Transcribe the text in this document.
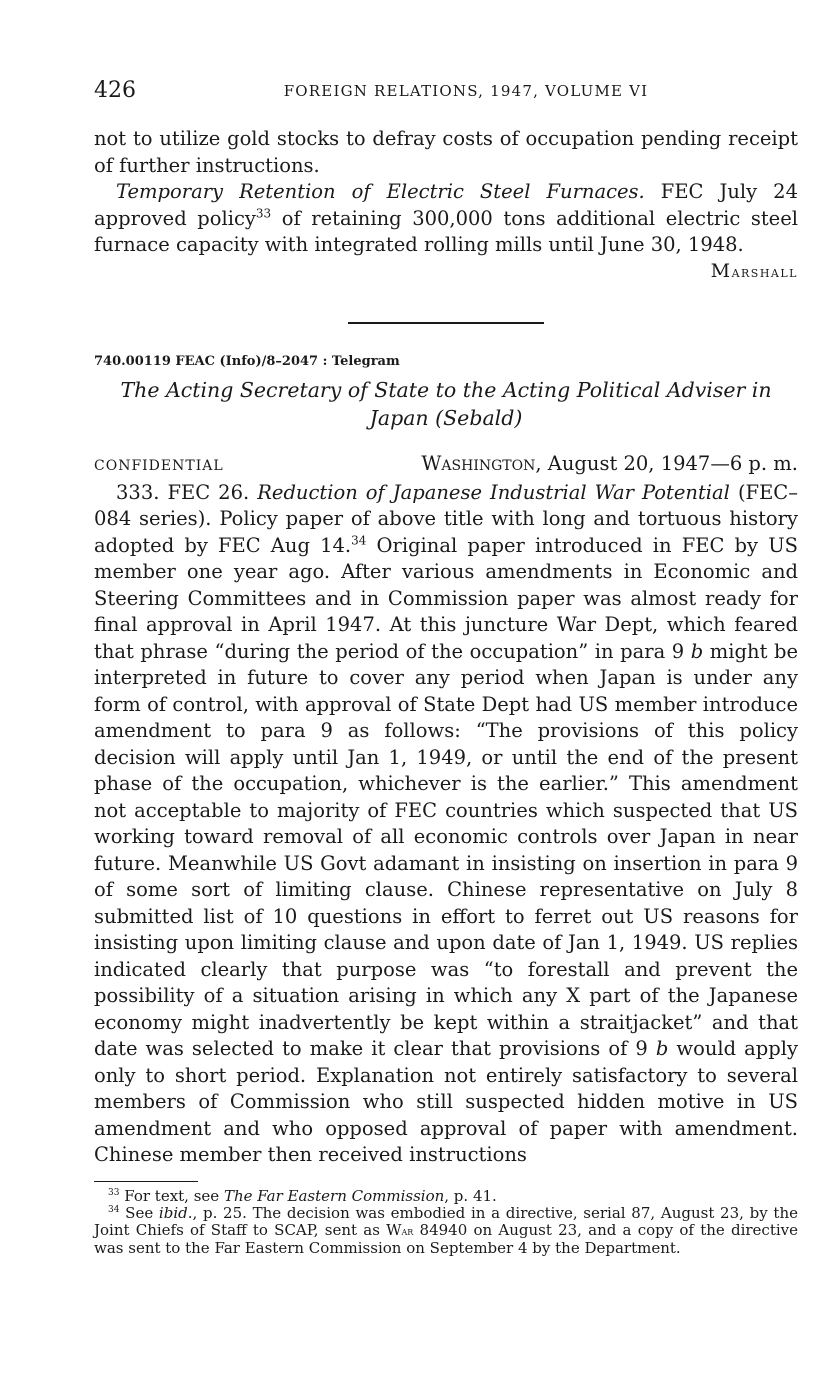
426	FOREIGN RELATIONS, 1947, VOLUME VI

not to utilize gold stocks to defray costs of occupation pending receipt of further instructions.

Temporary Retention of Electric Steel Furnaces. FEC July 24 approved policy$^{33}$ of retaining 300,000 tons additional electric steel furnace capacity with integrated rolling mills until June 30, 1948.

Marshall
740.00119 FEAC (Info)/8–2047 : Telegram
The Acting Secretary of State to the Acting Political Adviser in Japan (Sebald)
CONFIDENTIAL	Washington, August 20, 1947—6 p. m.

333. FEC 26. Reduction of Japanese Industrial War Potential (FEC–084 series). Policy paper of above title with long and tortuous history adopted by FEC Aug 14.34 Original paper introduced in FEC by US member one year ago. After various amendments in Economic and Steering Committees and in Commission paper was almost ready for final approval in April 1947. At this juncture War Dept, which feared that phrase “during the period of the occupation” in para 9 b might be interpreted in future to cover any period when Japan is under any form of control, with approval of State Dept had US member introduce amendment to para 9 as follows: “The provisions of this policy decision will apply until Jan 1, 1949, or until the end of the present phase of the occupation, whichever is the earlier.” This amendment not acceptable to majority of FEC countries which suspected that US working toward removal of all economic controls over Japan in near future. Meanwhile US Govt adamant in insisting on insertion in para 9 of some sort of limiting clause. Chinese representative on July 8 submitted list of 10 questions in effort to ferret out US reasons for insisting upon limiting clause and upon date of Jan 1, 1949. US replies indicated clearly that purpose was “to forestall and prevent the possibility of a situation arising in which any X part of the Japanese economy might inadvertently be kept within a straitjacket” and that date was selected to make it clear that provisions of 9 b would apply only to short period. Explanation not entirely satisfactory to several members of Commission who still suspected hidden motive in US amendment and who opposed approval of paper with amendment. Chinese member then received instructions

$^{33}$ For text, see The Far Eastern Commission, p. 41.
$^{34}$ See ibid., p. 25. The decision was embodied in a directive, serial 87, August 23, by the Joint Chiefs of Staff to SCAP, sent as War 84940 on August 23, and a copy of the directive was sent to the Far Eastern Commission on September 4 by the Department.
